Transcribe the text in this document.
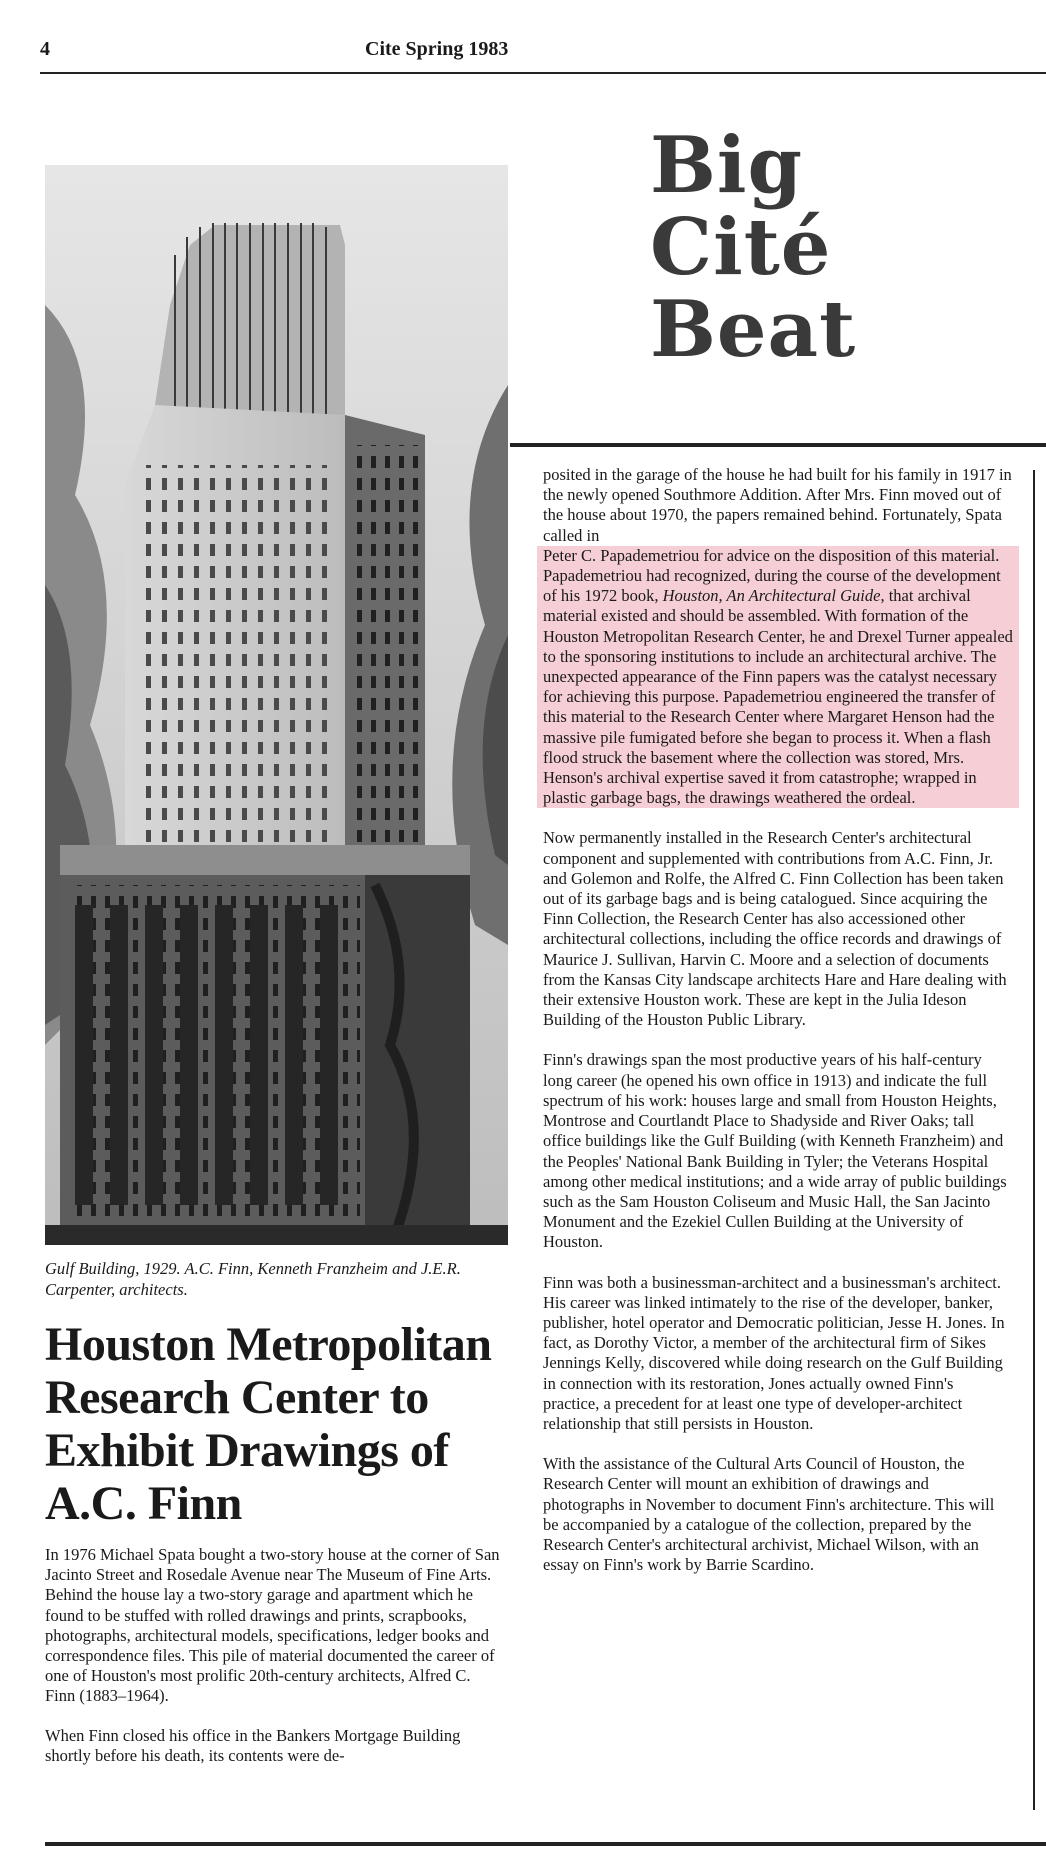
4	Cite Spring 1983
Gulf Building, 1929. A.C. Finn, Kenneth Franzheim and J.E.R. Carpenter, architects.
Houston Metropolitan Research Center to Exhibit Drawings of A.C. Finn

In 1976 Michael Spata bought a two-story house at the corner of San Jacinto Street and Rosedale Avenue near The Museum of Fine Arts. Behind the house lay a two-story garage and apartment which he found to be stuffed with rolled drawings and prints, scrapbooks, photographs, architectural models, specifications, ledger books and correspondence files. This pile of material documented the career of one of Houston's most prolific 20th-century architects, Alfred C. Finn (1883–1964).

When Finn closed his office in the Bankers Mortgage Building shortly before his death, its contents were de-

Big
Cité
Beat

posited in the garage of the house he had built for his family in 1917 in the newly opened Southmore Addition. After Mrs. Finn moved out of the house about 1970, the papers remained behind. Fortunately, Spata called in
Peter C. Papademetriou for advice on the disposition of this material. Papademetriou had recognized, during the course of the development of his 1972 book, Houston, An Architectural Guide, that archival material existed and should be assembled. With formation of the Houston Metropolitan Research Center, he and Drexel Turner appealed to the sponsoring institutions to include an architectural archive. The unexpected appearance of the Finn papers was the catalyst necessary for achieving this purpose. Papademetriou engineered the transfer of this material to the Research Center where Margaret Henson had the massive pile fumigated before she began to process it. When a flash flood struck the basement where the collection was stored, Mrs. Henson's archival expertise saved it from catastrophe; wrapped in plastic garbage bags, the drawings weathered the ordeal.

Now permanently installed in the Research Center's architectural component and supplemented with contributions from A.C. Finn, Jr. and Golemon and Rolfe, the Alfred C. Finn Collection has been taken out of its garbage bags and is being catalogued. Since acquiring the Finn Collection, the Research Center has also accessioned other architectural collections, including the office records and drawings of Maurice J. Sullivan, Harvin C. Moore and a selection of documents from the Kansas City landscape architects Hare and Hare dealing with their extensive Houston work. These are kept in the Julia Ideson Building of the Houston Public Library.

Finn's drawings span the most productive years of his half-century long career (he opened his own office in 1913) and indicate the full spectrum of his work: houses large and small from Houston Heights, Montrose and Courtlandt Place to Shadyside and River Oaks; tall office buildings like the Gulf Building (with Kenneth Franzheim) and the Peoples' National Bank Building in Tyler; the Veterans Hospital among other medical institutions; and a wide array of public buildings such as the Sam Houston Coliseum and Music Hall, the San Jacinto Monument and the Ezekiel Cullen Building at the University of Houston.

Finn was both a businessman-architect and a businessman's architect. His career was linked intimately to the rise of the developer, banker, publisher, hotel operator and Democratic politician, Jesse H. Jones. In fact, as Dorothy Victor, a member of the architectural firm of Sikes Jennings Kelly, discovered while doing research on the Gulf Building in connection with its restoration, Jones actually owned Finn's practice, a precedent for at least one type of developer-architect relationship that still persists in Houston.

With the assistance of the Cultural Arts Council of Houston, the Research Center will mount an exhibition of drawings and photographs in November to document Finn's architecture. This will be accompanied by a catalogue of the collection, prepared by the Research Center's architectural archivist, Michael Wilson, with an essay on Finn's work by Barrie Scardino.
